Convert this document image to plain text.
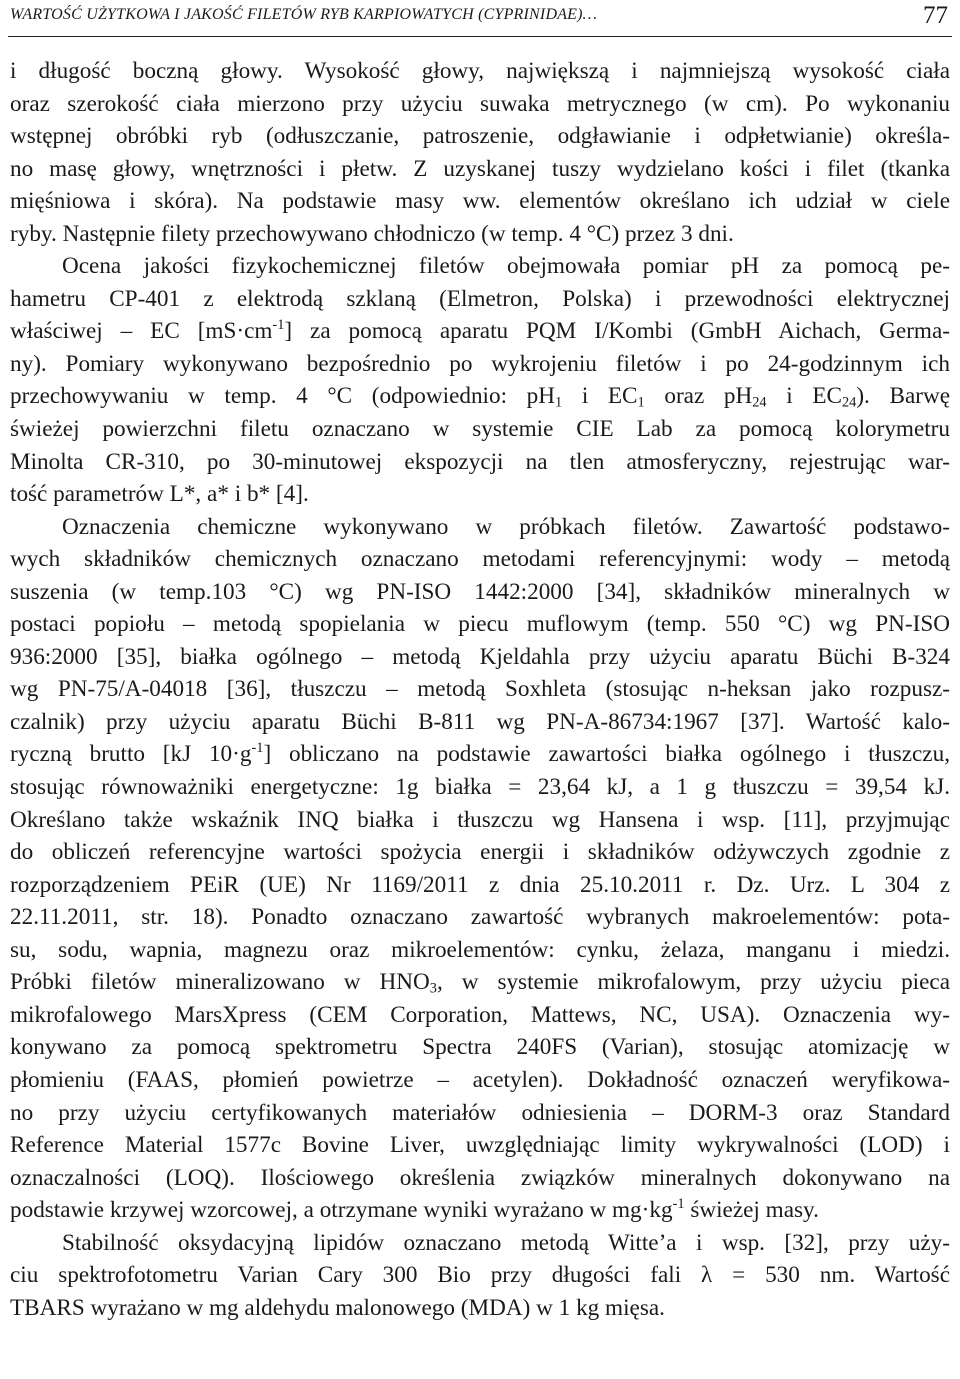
WARTOŚĆ UŻYTKOWA I JAKOŚĆ FILETÓW RYB KARPIOWATYCH (CYPRINIDAE)…	77

i długość boczną głowy. Wysokość głowy, największą i najmniejszą wysokość ciała
oraz szerokość ciała mierzono przy użyciu suwaka metrycznego (w cm). Po wykonaniu
wstępnej obróbki ryb (odłuszczanie, patroszenie, odgławianie i odpłetwianie) określa-
no masę głowy, wnętrzności i płetw. Z uzyskanej tuszy wydzielano kości i filet (tkanka
mięśniowa i skóra). Na podstawie masy ww. elementów określano ich udział w ciele
ryby. Następnie filety przechowywano chłodniczo (w temp. 4 °C) przez 3 dni.

Ocena jakości fizykochemicznej filetów obejmowała pomiar pH za pomocą pe-
hametru CP-401 z elektrodą szklaną (Elmetron, Polska) i przewodności elektrycznej
właściwej – EC $[mS\cdot cm^{-1}]$ za pomocą aparatu PQM I/Kombi (GmbH Aichach, Germa-
ny). Pomiary wykonywano bezpośrednio po wykrojeniu filetów i po 24-godzinnym ich
przechowywaniu w temp. 4 °C (odpowiednio: $pH_1$ i $EC_1$ oraz $pH_{24}$ i $EC_{24}$). Barwę
świeżej powierzchni filetu oznaczano w systemie CIE Lab za pomocą kolorymetru
Minolta CR-310, po 30-minutowej ekspozycji na tlen atmosferyczny, rejestrując war-
tość parametrów L*, a* i b* [4].

Oznaczenia chemiczne wykonywano w próbkach filetów. Zawartość podstawo-
wych składników chemicznych oznaczano metodami referencyjnymi: wody – metodą
suszenia (w temp.103 °C) wg PN-ISO 1442:2000 [34], składników mineralnych w
postaci popiołu – metodą spopielania w piecu muflowym (temp. 550 °C) wg PN-ISO
936:2000 [35], białka ogólnego – metodą Kjeldahla przy użyciu aparatu Büchi B-324
wg PN-75/A-04018 [36], tłuszczu – metodą Soxhleta (stosując n-heksan jako rozpusz-
czalnik) przy użyciu aparatu Büchi B-811 wg PN-A-86734:1967 [37]. Wartość kalo-
ryczną brutto [kJ $10\cdot g^{-1}$] obliczano na podstawie zawartości białka ogólnego i tłuszczu,
stosując równoważniki energetyczne: 1g białka = 23,64 kJ, a 1 g tłuszczu = 39,54 kJ.
Określano także wskaźnik INQ białka i tłuszczu wg Hansena i wsp. [11], przyjmując
do obliczeń referencyjne wartości spożycia energii i składników odżywczych zgodnie z
rozporządzeniem PEiR (UE) Nr 1169/2011 z dnia 25.10.2011 r. Dz. Urz. L 304 z
22.11.2011, str. 18). Ponadto oznaczano zawartość wybranych makroelementów: pota-
su, sodu, wapnia, magnezu oraz mikroelementów: cynku, żelaza, manganu i miedzi.
Próbki filetów mineralizowano w $HNO_3$, w systemie mikrofalowym, przy użyciu pieca
mikrofalowego MarsXpress (CEM Corporation, Mattews, NC, USA). Oznaczenia wy-
konywano za pomocą spektrometru Spectra 240FS (Varian), stosując atomizację w
płomieniu (FAAS, płomień powietrze – acetylen). Dokładność oznaczeń weryfikowa-
no przy użyciu certyfikowanych materiałów odniesienia – DORM-3 oraz Standard
Reference Material 1577c Bovine Liver, uwzględniając limity wykrywalności (LOD) i
oznaczalności (LOQ). Ilościowego określenia związków mineralnych dokonywano na
podstawie krzywej wzorcowej, a otrzymane wyniki wyrażano w $mg\cdot kg^{-1}$ świeżej masy.

Stabilność oksydacyjną lipidów oznaczano metodą Witte’a i wsp. [32], przy uży-
ciu spektrofotometru Varian Cary 300 Bio przy długości fali λ = 530 nm. Wartość
TBARS wyrażano w mg aldehydu malonowego (MDA) w 1 kg mięsa.
